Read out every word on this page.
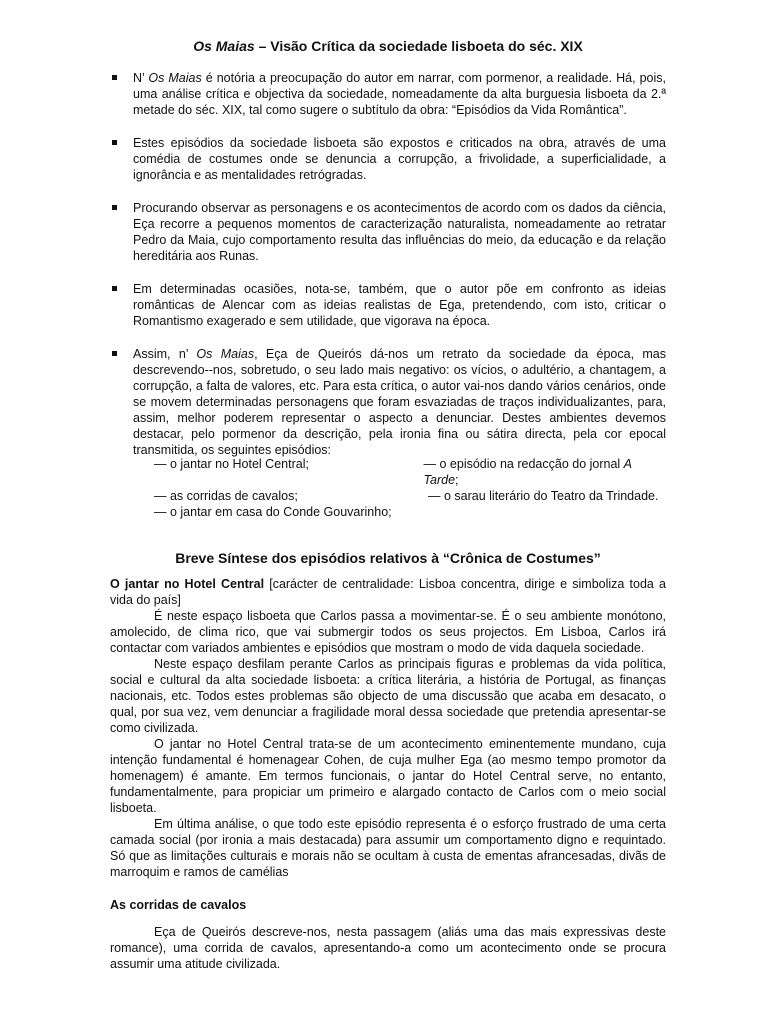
Os Maias – Visão Crítica da sociedade lisboeta do séc. XIX
N’ Os Maias é notória a preocupação do autor em narrar, com pormenor, a realidade. Há, pois, uma análise crítica e objectiva da sociedade, nomeadamente da alta burguesia lisboeta da 2.ª metade do séc. XIX, tal como sugere o subtítulo da obra: “Episódios da Vida Romântica”.
Estes episódios da sociedade lisboeta são expostos e criticados na obra, através de uma comédia de costumes onde se denuncia a corrupção, a frivolidade, a superficialidade, a ignorância e as mentalidades retrógradas.
Procurando observar as personagens e os acontecimentos de acordo com os dados da ciência, Eça recorre a pequenos momentos de caracterização naturalista, nomeadamente ao retratar Pedro da Maia, cujo comportamento resulta das influências do meio, da educação e da relação hereditária aos Runas.
Em determinadas ocasiões, nota-se, também, que o autor põe em confronto as ideias românticas de Alencar com as ideias realistas de Ega, pretendendo, com isto, criticar o Romantismo exagerado e sem utilidade, que vigorava na época.
Assim, n’ Os Maias, Eça de Queirós dá-nos um retrato da sociedade da época, mas descrevendo--nos, sobretudo, o seu lado mais negativo: os vícios, o adultério, a chantagem, a corrupção, a falta de valores, etc. Para esta crítica, o autor vai-nos dando vários cenários, onde se movem determinadas personagens que foram esvaziadas de traços individualizantes, para, assim, melhor poderem representar o aspecto a denunciar. Destes ambientes devemos destacar, pelo pormenor da descrição, pela ironia fina ou sátira directa, pela cor epocal transmitida, os seguintes episódios:
— o jantar no Hotel Central;	— o episódio na redacção do jornal A Tarde;
— as corridas de cavalos;	— o sarau literário do Teatro da Trindade.
— o jantar em casa do Conde Gouvarinho;
Breve Síntese dos episódios relativos à “Crônica de Costumes”

O jantar no Hotel Central [carácter de centralidade: Lisboa concentra, dirige e simboliza toda a vida do país]

É neste espaço lisboeta que Carlos passa a movimentar-se. É o seu ambiente monótono, amolecido, de clima rico, que vai submergir todos os seus projectos. Em Lisboa, Carlos irá contactar com variados ambientes e episódios que mostram o modo de vida daquela sociedade.

Neste espaço desfilam perante Carlos as principais figuras e problemas da vida política, social e cultural da alta sociedade lisboeta: a crítica literária, a história de Portugal, as finanças nacionais, etc. Todos estes problemas são objecto de uma discussão que acaba em desacato, o qual, por sua vez, vem denunciar a fragilidade moral dessa sociedade que pretendia apresentar-se como civilizada.

O jantar no Hotel Central trata-se de um acontecimento eminentemente mundano, cuja intenção fundamental é homenagear Cohen, de cuja mulher Ega (ao mesmo tempo promotor da homenagem) é amante. Em termos funcionais, o jantar do Hotel Central serve, no entanto, fundamentalmente, para propiciar um primeiro e alargado contacto de Carlos com o meio social lisboeta.

Em última análise, o que todo este episódio representa é o esforço frustrado de uma certa camada social (por ironia a mais destacada) para assumir um comportamento digno e requintado. Só que as limitações culturais e morais não se ocultam à custa de ementas afrancesadas, divãs de marroquim e ramos de camélias

As corridas de cavalos

Eça de Queirós descreve-nos, nesta passagem (aliás uma das mais expressivas deste romance), uma corrida de cavalos, apresentando-a como um acontecimento onde se procura assumir uma atitude civilizada.
